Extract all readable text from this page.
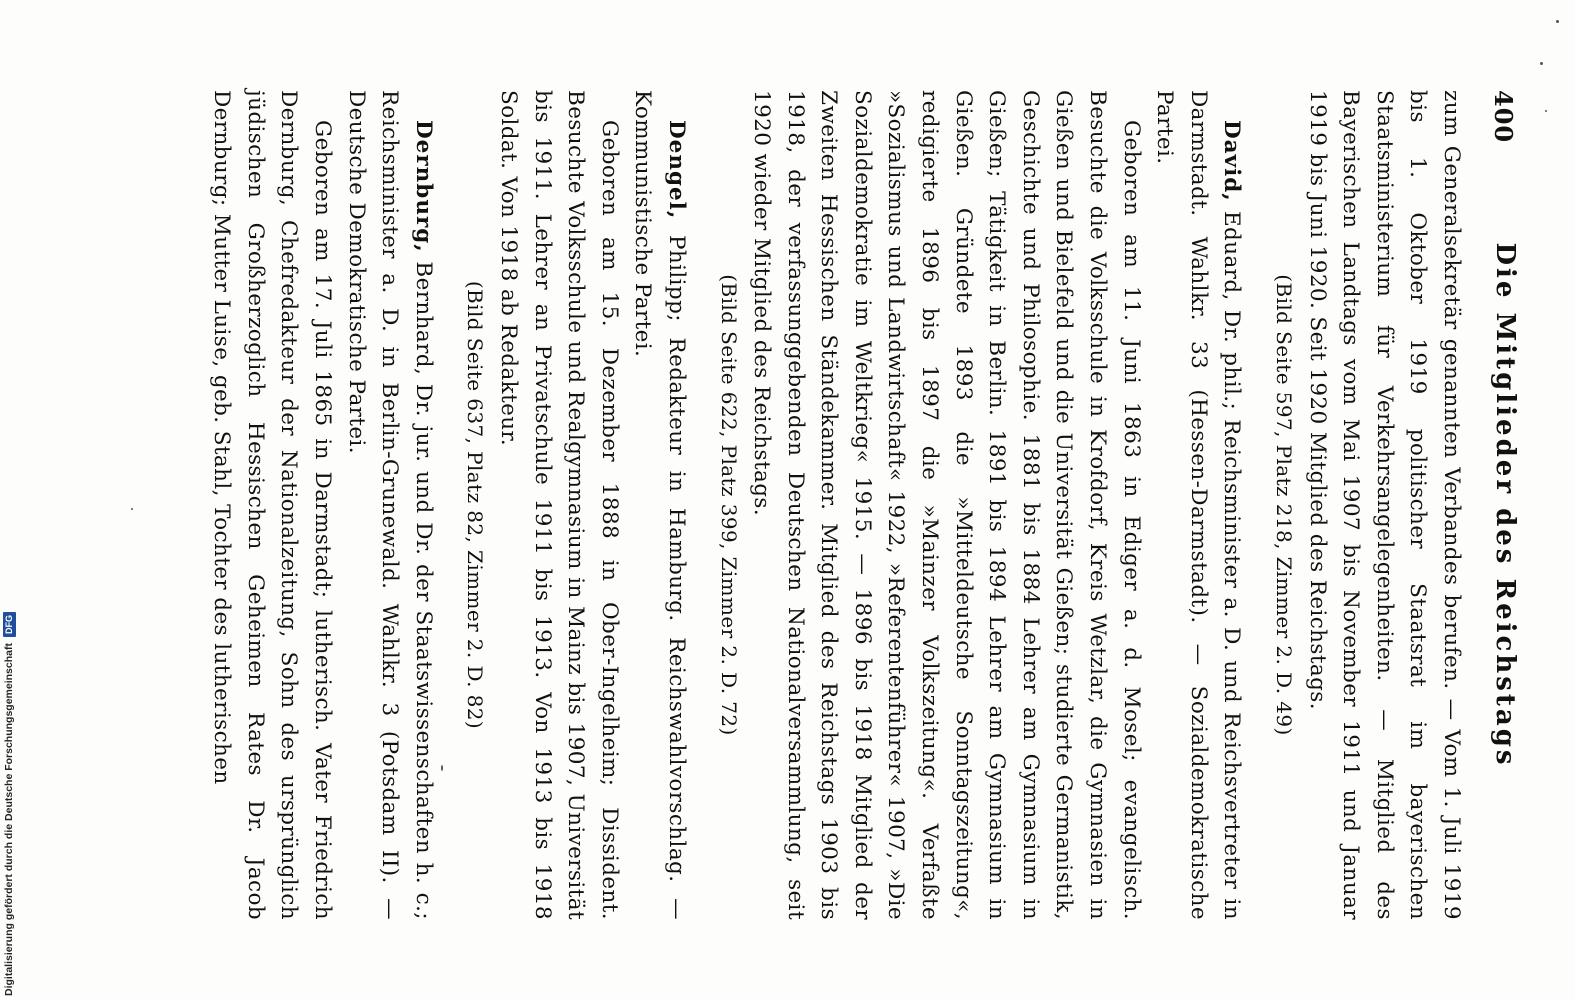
400
Die Mitglieder des Reichstags

zum Generalsekretär genannten Verbandes berufen. — Vom 1. Juli 1919 bis 1. Oktober 1919 politischer Staatsrat im bayerischen Staatsministerium für Verkehrsangelegenheiten. — Mitglied des Bayerischen Landtags vom Mai 1907 bis November 1911 und Januar 1919 bis Juni 1920. Seit 1920 Mitglied des Reichstags.

(Bild Seite 597, Platz 218, Zimmer 2. D. 49)

David, Eduard, Dr. phil.; Reichsminister a. D. und Reichsvertreter in Darmstadt. Wahlkr. 33 (Hessen-Darmstadt). — Sozialdemokratische Partei.

Geboren am 11. Juni 1863 in Ediger a. d. Mosel; evangelisch. Besuchte die Volksschule in Krofdorf, Kreis Wetzlar, die Gymnasien in Gießen und Bielefeld und die Universität Gießen; studierte Germanistik, Geschichte und Philosophie. 1881 bis 1884 Lehrer am Gymnasium in Gießen; Tätigkeit in Berlin. 1891 bis 1894 Lehrer am Gymnasium in Gießen. Gründete 1893 die »Mitteldeutsche Sonntagszeitung«, redigierte 1896 bis 1897 die »Mainzer Volkszeitung«. Verfaßte »Sozialismus und Landwirtschaft« 1922, »Referentenführer« 1907, »Die Sozialdemokratie im Weltkrieg« 1915. — 1896 bis 1918 Mitglied der Zweiten Hessischen Ständekammer. Mitglied des Reichstags 1903 bis 1918, der verfassunggebenden Deutschen Nationalversammlung, seit 1920 wieder Mitglied des Reichstags.

(Bild Seite 622, Platz 399, Zimmer 2. D. 72)

Dengel, Philipp; Redakteur in Hamburg. Reichswahlvorschlag. — Kommunistische Partei.

Geboren am 15. Dezember 1888 in Ober-Ingelheim; Dissident. Besuchte Volksschule und Realgymnasium in Mainz bis 1907, Universität bis 1911. Lehrer an Privatschule 1911 bis 1913. Von 1913 bis 1918 Soldat. Von 1918 ab Redakteur.

(Bild Seite 637, Platz 82, Zimmer 2. D. 82)

Dernburg, Bernhard, Dr. jur. und Dr. der Staatswissenschaften h. c.; Reichsminister a. D. in Berlin-Grunewald. Wahlkr. 3 (Potsdam II). — Deutsche Demokratische Partei.

Geboren am 17. Juli 1865 in Darmstadt; lutherisch. Vater Friedrich Dernburg, Chefredakteur der Nationalzeitung, Sohn des ursprünglich jüdischen Großherzoglich Hessischen Geheimen Rates Dr. Jacob Dernburg; Mutter Luise, geb. Stahl, Tochter des lutherischen

Digitalisierung gefördert durch die Deutsche Forschungsgemeinschaft
DFG
